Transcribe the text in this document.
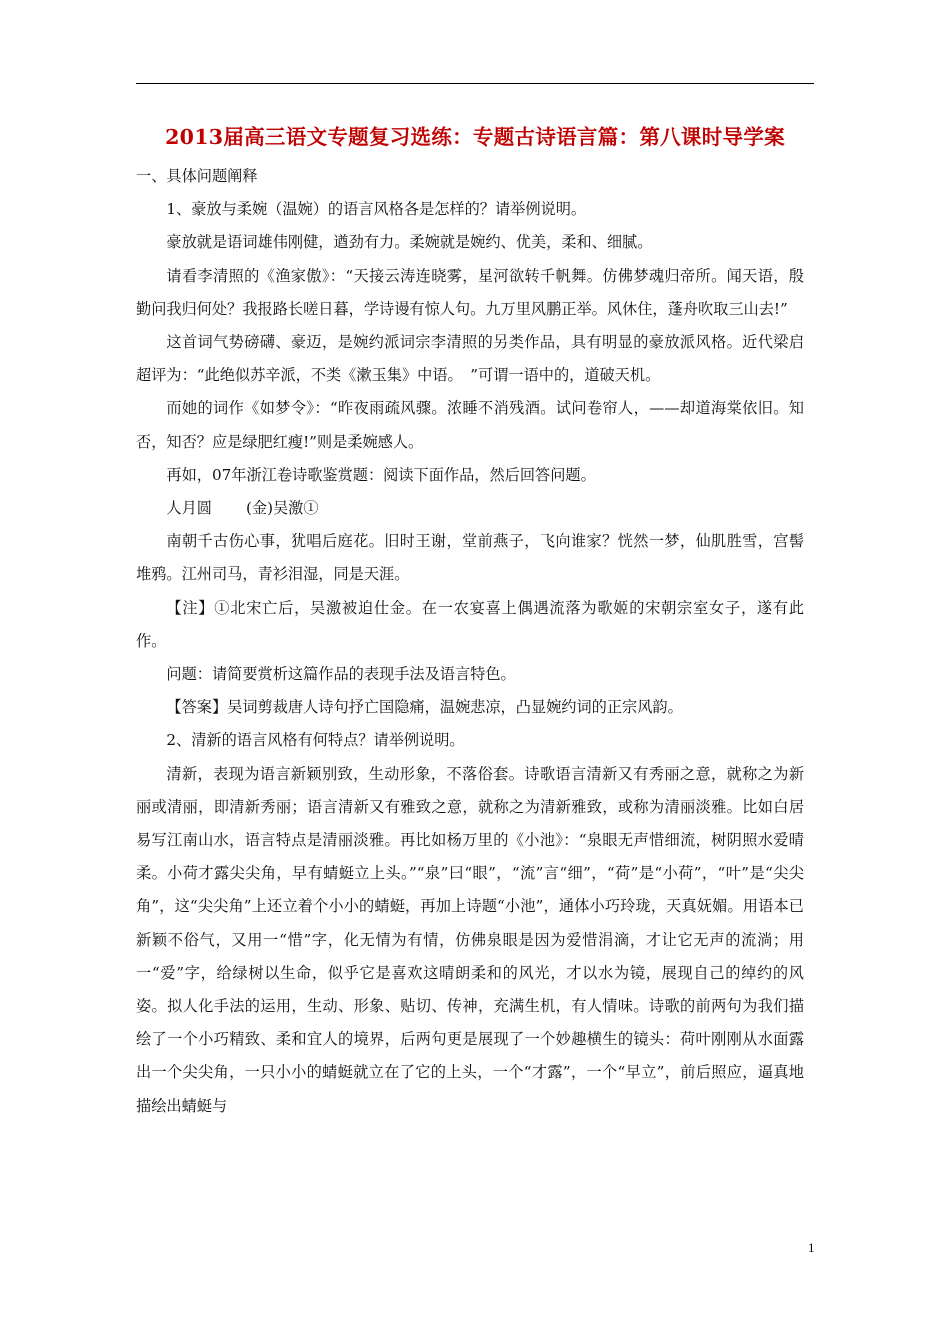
2013届高三语文专题复习选练：专题古诗语言篇：第八课时导学案

一、具体问题阐释

1、豪放与柔婉（温婉）的语言风格各是怎样的？请举例说明。

豪放就是语词雄伟刚健，遒劲有力。柔婉就是婉约、优美，柔和、细腻。

请看李清照的《渔家傲》：“天接云涛连晓雾，星河欲转千帆舞。仿佛梦魂归帝所。闻天语，殷勤问我归何处？我报路长嗟日暮，学诗谩有惊人句。九万里风鹏正举。风休住，蓬舟吹取三山去!”

这首词气势磅礴、豪迈，是婉约派词宗李清照的另类作品，具有明显的豪放派风格。近代梁启超评为：“此绝似苏辛派，不类《漱玉集》中语。　”可谓一语中的，道破天机。

而她的词作《如梦令》：“昨夜雨疏风骤。浓睡不消残酒。试问卷帘人，——却道海棠依旧。知否，知否？应是绿肥红瘦!”则是柔婉感人。

再如，07年浙江卷诗歌鉴赏题：阅读下面作品，然后回答问题。

人月圆 (金)吴激①

南朝千古伤心事，犹唱后庭花。旧时王谢，堂前燕子，飞向谁家？恍然一梦，仙肌胜雪，宫髻堆鸦。江州司马，青衫泪湿，同是天涯。

【注】①北宋亡后，吴激被迫仕金。在一农宴喜上偶遇流落为歌姬的宋朝宗室女子，遂有此作。

问题：请简要赏析这篇作品的表现手法及语言特色。

【答案】吴词剪裁唐人诗句抒亡国隐痛，温婉悲凉，凸显婉约词的正宗风韵。

2、清新的语言风格有何特点？请举例说明。

清新，表现为语言新颖别致，生动形象，不落俗套。诗歌语言清新又有秀丽之意，就称之为新丽或清丽，即清新秀丽；语言清新又有雅致之意，就称之为清新雅致，或称为清丽淡雅。比如白居易写江南山水，语言特点是清丽淡雅。再比如杨万里的《小池》：“泉眼无声惜细流，树阴照水爱晴柔。小荷才露尖尖角，早有蜻蜓立上头。”“泉”曰“眼”，“流”言“细”，“荷”是“小荷”，“叶”是“尖尖角”，这“尖尖角”上还立着个小小的蜻蜓，再加上诗题“小池”，通体小巧玲珑，天真妩媚。用语本已新颖不俗气，又用一“惜”字，化无情为有情，仿佛泉眼是因为爱惜涓滴，才让它无声的流淌；用一“爱”字，给绿树以生命，似乎它是喜欢这晴朗柔和的风光，才以水为镜，展现自己的绰约的风姿。拟人化手法的运用，生动、形象、贴切、传神，充满生机，有人情味。诗歌的前两句为我们描绘了一个小巧精致、柔和宜人的境界，后两句更是展现了一个妙趣横生的镜头：荷叶刚刚从水面露出一个尖尖角，一只小小的蜻蜓就立在了它的上头，一个“才露”，一个“早立”，前后照应，逼真地描绘出蜻蜓与

1
